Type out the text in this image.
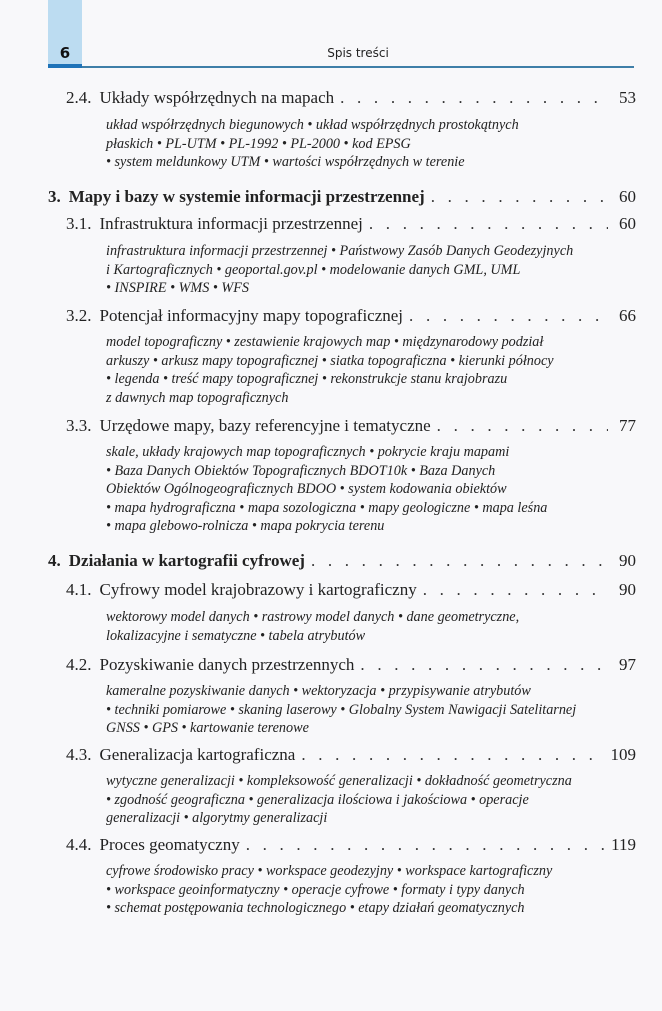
6	Spis treści
2.4. Układy współrzędnych na mapach . . .	53
układ współrzędnych biegunowych • układ współrzędnych prostokątnych
płaskich • PL-UTM • PL-1992 • PL-2000 • kod EPSG
• system meldunkowy UTM • wartości współrzędnych w terenie
3. Mapy i bazy w systemie informacji przestrzennej . . .	60
3.1. Infrastruktura informacji przestrzennej . . .	60
infrastruktura informacji przestrzennej • Państwowy Zasób Danych Geodezyjnych
i Kartograficznych • geoportal.gov.pl • modelowanie danych GML, UML
• INSPIRE • WMS • WFS
3.2. Potencjał informacyjny mapy topograficznej . . .	66
model topograficzny • zestawienie krajowych map • międzynarodowy podział
arkuszy • arkusz mapy topograficznej • siatka topograficzna • kierunki północy
• legenda • treść mapy topograficznej • rekonstrukcje stanu krajobrazu
z dawnych map topograficznych
3.3. Urzędowe mapy, bazy referencyjne i tematyczne . . .	77
skale, układy krajowych map topograficznych • pokrycie kraju mapami
• Baza Danych Obiektów Topograficznych BDOT10k • Baza Danych
Obiektów Ogólnogeograficznych BDOO • system kodowania obiektów
• mapa hydrograficzna • mapa sozologiczna • mapy geologiczne • mapa leśna
• mapa glebowo-rolnicza • mapa pokrycia terenu
4. Działania w kartografii cyfrowej . . .	90
4.1. Cyfrowy model krajobrazowy i kartograficzny . . .	90
wektorowy model danych • rastrowy model danych • dane geometryczne,
lokalizacyjne i sematyczne • tabela atrybutów
4.2. Pozyskiwanie danych przestrzennych . . .	97
kameralne pozyskiwanie danych • wektoryzacja • przypisywanie atrybutów
• techniki pomiarowe • skaning laserowy • Globalny System Nawigacji Satelitarnej
GNSS • GPS • kartowanie terenowe
4.3. Generalizacja kartograficzna . . .	109
wytyczne generalizacji • kompleksowość generalizacji • dokładność geometryczna
• zgodność geograficzna • generalizacja ilościowa i jakościowa • operacje
generalizacji • algorytmy generalizacji
4.4. Proces geomatyczny . . .	119
cyfrowe środowisko pracy • workspace geodezyjny • workspace kartograficzny
• workspace geoinformatyczny • operacje cyfrowe • formaty i typy danych
• schemat postępowania technologicznego • etapy działań geomatycznych
